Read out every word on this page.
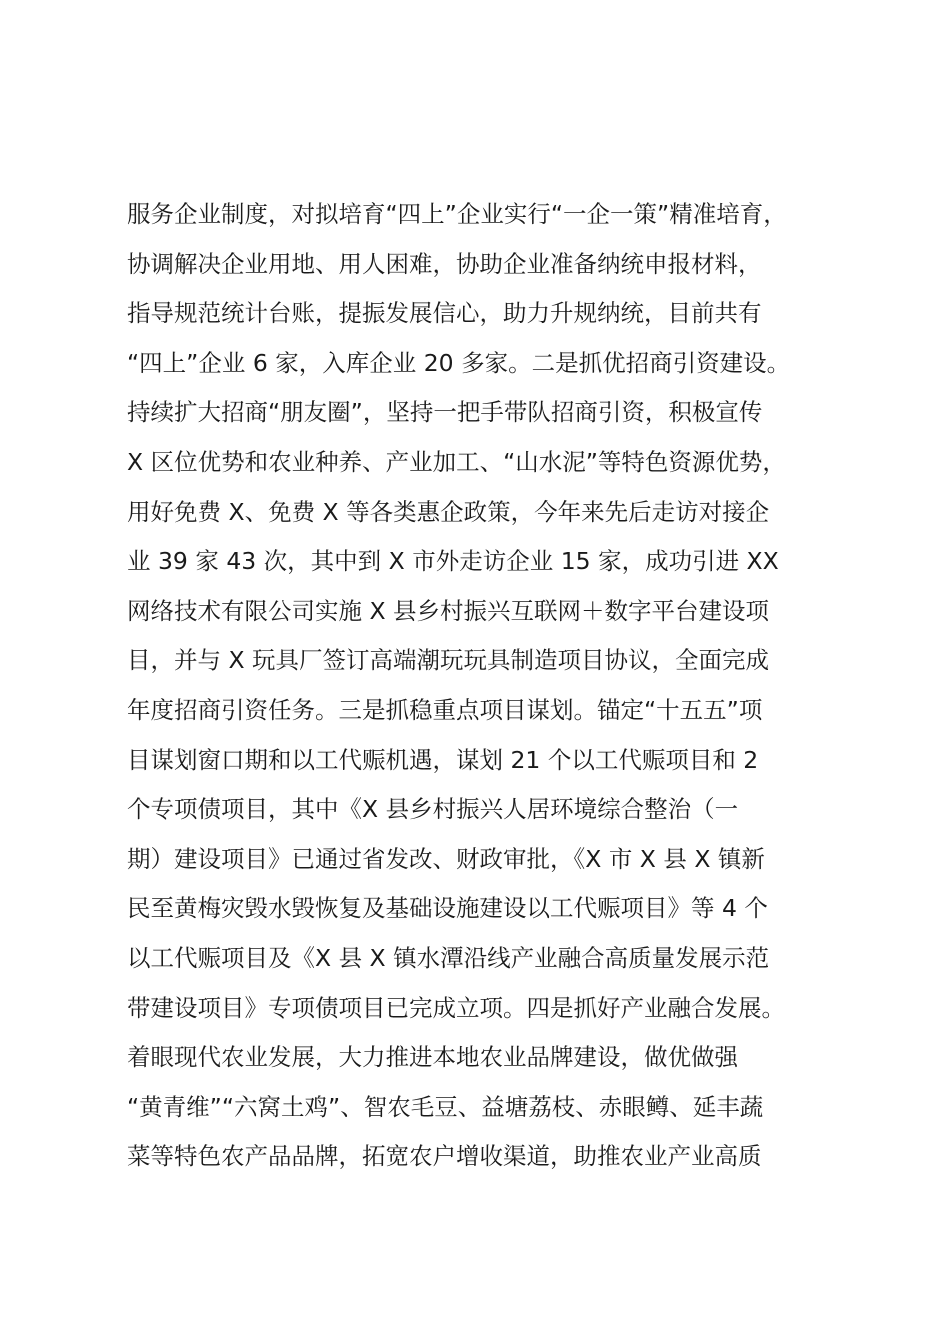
服务企业制度，对拟培育“四上”企业实行“一企一策”精准培育，
协调解决企业用地、用人困难，协助企业准备纳统申报材料，
指导规范统计台账，提振发展信心，助力升规纳统，目前共有
“四上”企业 6 家，入库企业 20 多家。二是抓优招商引资建设。
持续扩大招商“朋友圈”，坚持一把手带队招商引资，积极宣传
X 区位优势和农业种养、产业加工、“山水泥”等特色资源优势，
用好免费 X、免费 X 等各类惠企政策，今年来先后走访对接企
业 39 家 43 次，其中到 X 市外走访企业 15 家，成功引进 XX
网络技术有限公司实施 X 县乡村振兴互联网＋数字平台建设项
目，并与 X 玩具厂签订高端潮玩玩具制造项目协议，全面完成
年度招商引资任务。三是抓稳重点项目谋划。锚定“十五五”项
目谋划窗口期和以工代赈机遇，谋划 21 个以工代赈项目和 2
个专项债项目，其中《X 县乡村振兴人居环境综合整治（一
期）建设项目》已通过省发改、财政审批，《X 市 X 县 X 镇新
民至黄梅灾毁水毁恢复及基础设施建设以工代赈项目》等 4 个
以工代赈项目及《X 县 X 镇水潭沿线产业融合高质量发展示范
带建设项目》专项债项目已完成立项。四是抓好产业融合发展。
着眼现代农业发展，大力推进本地农业品牌建设，做优做强
“黄青维”“六窝土鸡”、智农毛豆、益塘荔枝、赤眼鳟、延丰蔬
菜等特色农产品品牌，拓宽农户增收渠道，助推农业产业高质
